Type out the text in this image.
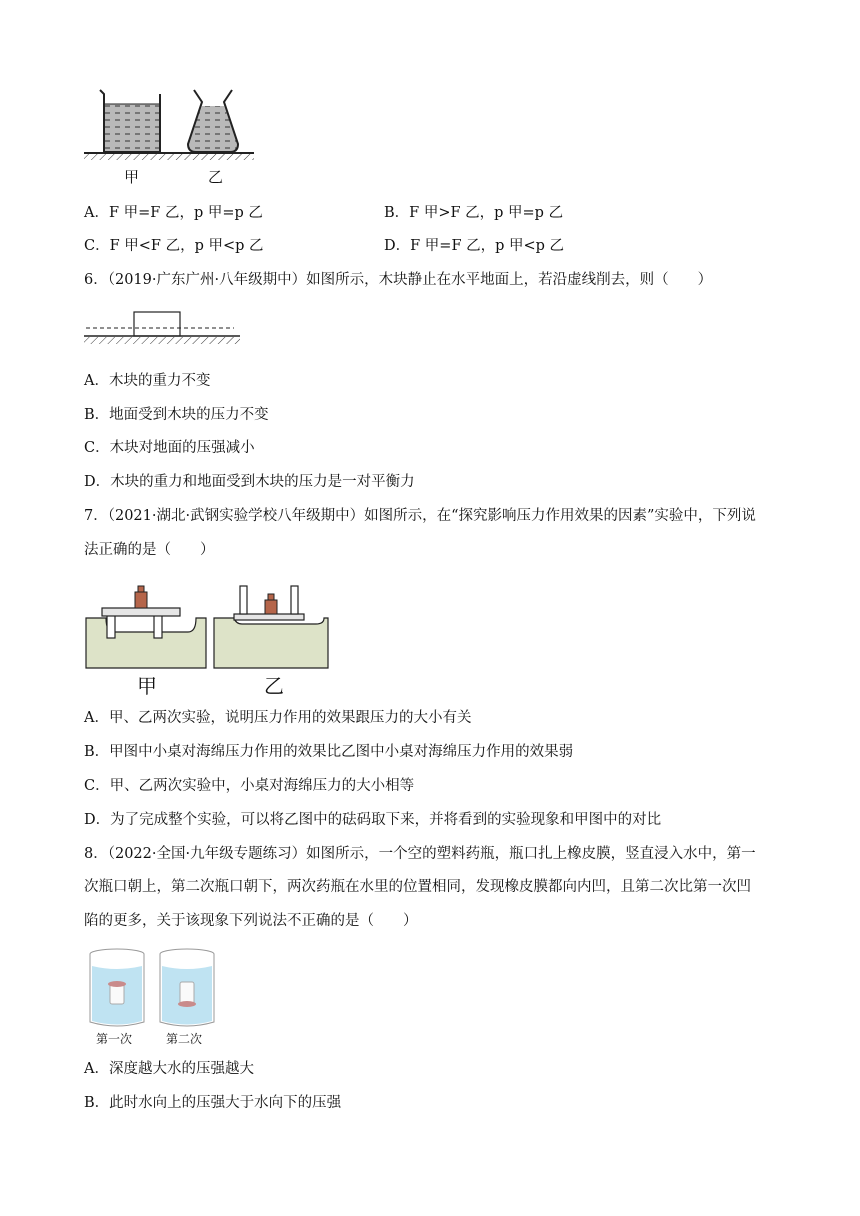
甲	乙
A．F 甲=F 乙，p 甲=p 乙	B．F 甲>F 乙，p 甲=p 乙
C．F 甲<F 乙，p 甲<p 乙	D．F 甲=F 乙，p 甲<p 乙
6．（2019·广东广州·八年级期中）如图所示，木块静止在水平地面上，若沿虚线削去，则（　　）
A．木块的重力不变
B．地面受到木块的压力不变
C．木块对地面的压强减小
D．木块的重力和地面受到木块的压力是一对平衡力
7．（2021·湖北·武钢实验学校八年级期中）如图所示，在“探究影响压力作用效果的因素”实验中，下列说
法正确的是（　　）
甲	乙
A．甲、乙两次实验，说明压力作用的效果跟压力的大小有关
B．甲图中小桌对海绵压力作用的效果比乙图中小桌对海绵压力作用的效果弱
C．甲、乙两次实验中，小桌对海绵压力的大小相等
D．为了完成整个实验，可以将乙图中的砝码取下来，并将看到的实验现象和甲图中的对比
8．（2022·全国·九年级专题练习）如图所示，一个空的塑料药瓶，瓶口扎上橡皮膜，竖直浸入水中，第一
次瓶口朝上，第二次瓶口朝下，两次药瓶在水里的位置相同，发现橡皮膜都向内凹，且第二次比第一次凹
陷的更多，关于该现象下列说法不正确的是（　　）
第一次	第二次
A．深度越大水的压强越大
B．此时水向上的压强大于水向下的压强
